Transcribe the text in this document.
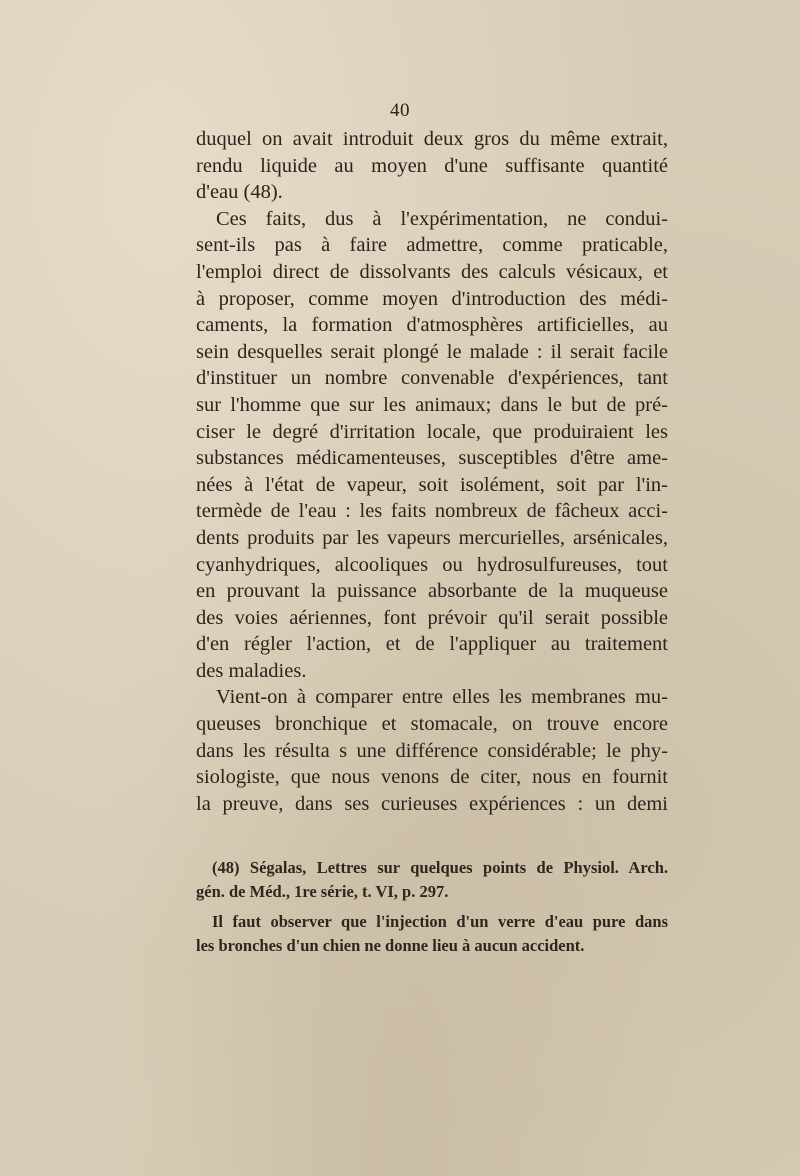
40
duquel on avait introduit deux gros du même extrait,
rendu liquide au moyen d'une suffisante quantité
d'eau (48).
Ces faits, dus à l'expérimentation, ne condui-
sent-ils pas à faire admettre, comme praticable,
l'emploi direct de dissolvants des calculs vésicaux, et
à proposer, comme moyen d'introduction des médi-
caments, la formation d'atmosphères artificielles, au
sein desquelles serait plongé le malade : il serait facile
d'instituer un nombre convenable d'expériences, tant
sur l'homme que sur les animaux; dans le but de pré-
ciser le degré d'irritation locale, que produiraient les
substances médicamenteuses, susceptibles d'être ame-
nées à l'état de vapeur, soit isolément, soit par l'in-
termède de l'eau : les faits nombreux de fâcheux acci-
dents produits par les vapeurs mercurielles, arsénicales,
cyanhydriques, alcooliques ou hydrosulfureuses, tout
en prouvant la puissance absorbante de la muqueuse
des voies aériennes, font prévoir qu'il serait possible
d'en régler l'action, et de l'appliquer au traitement
des maladies.
Vient-on à comparer entre elles les membranes mu-
queuses bronchique et stomacale, on trouve encore
dans les résulta s une différence considérable; le phy-
siologiste, que nous venons de citer, nous en fournit
la preuve, dans ses curieuses expériences : un demi
(48) Ségalas, Lettres sur quelques points de Physiol. Arch.
gén. de Méd., 1re série, t. VI, p. 297.
Il faut observer que l'injection d'un verre d'eau pure dans
les bronches d'un chien ne donne lieu à aucun accident.
